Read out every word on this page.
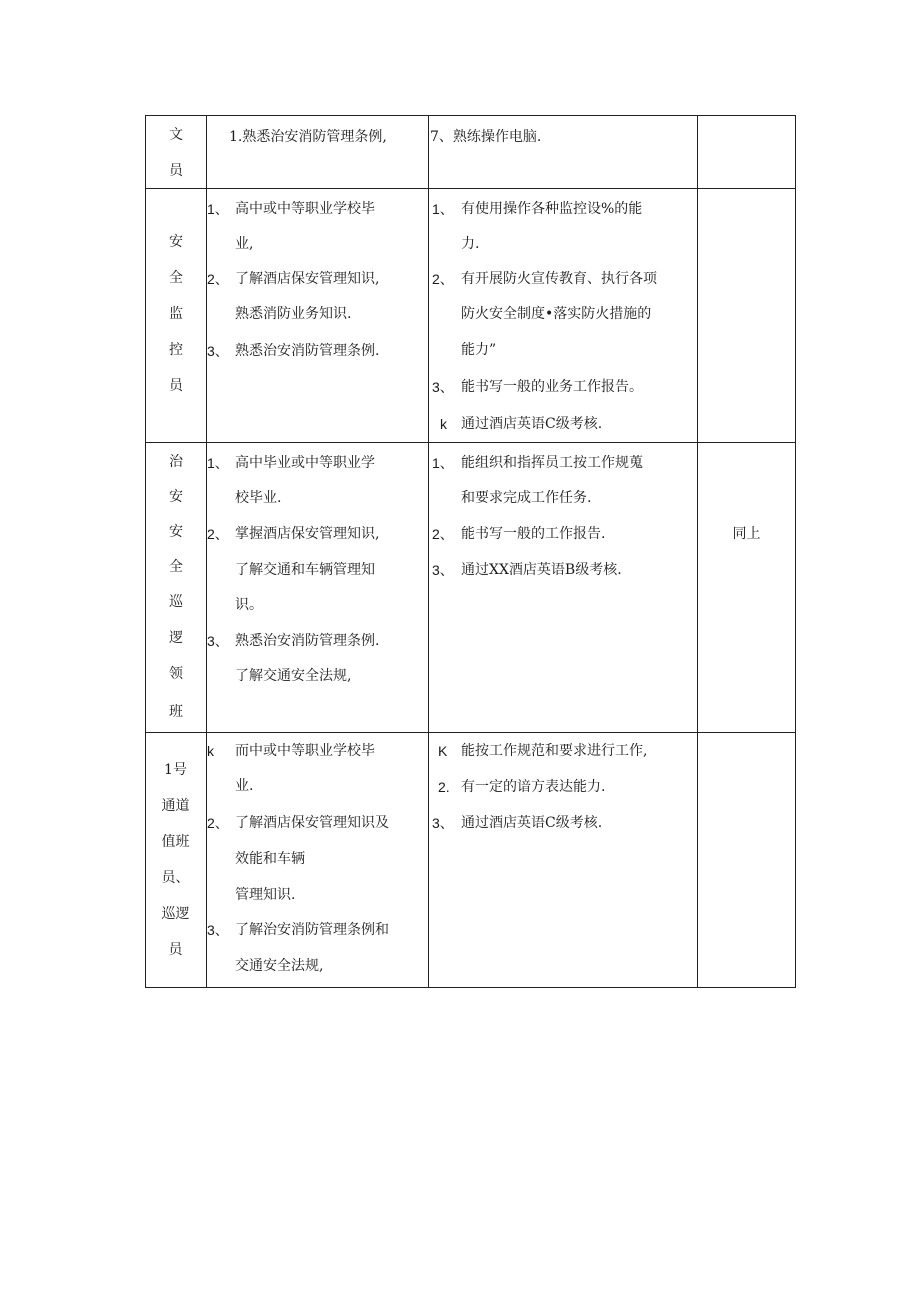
文
员
1.熟悉治安消防管理条例,	7、熟练操作电脑.
安
全
监
控
员
1、 高中或中等职业学校毕
业,
2、 了解酒店保安管理知识,
熟悉消防业务知识.
3、 熟悉治安消防管理条例.
1、 有使用操作各种监控设%的能
力.
2、 有开展防火宣传教育、执行各项
防火安全制度•落实防火措施的
能力”
3、 能书写一般的业务工作报告。
k 通过酒店英语C级考核.
治
安
安
全
巡
逻
领
班
1、 高中毕业或中等职业学
校毕业.
2、 掌握酒店保安管理知识,
了解交通和车辆管理知
识。
3、 熟悉治安消防管理条例.
了解交通安全法规,
1、 能组织和指挥员工按工作规蒐
和要求完成工作任务.
2、 能书写一般的工作报告.
3、 通过XX酒店英语B级考核.
同上
1号
通道
值班
员、
巡逻
员
k 而中或中等职业学校毕
业.
2、 了解酒店保安管理知识及
效能和车辆
管理知识.
3、 了解治安消防管理条例和
交通安全法规,
K 能按工作规范和要求进行工作,
2. 有一定的谙方表达能力.
3、 通过酒店英语C级考核.
